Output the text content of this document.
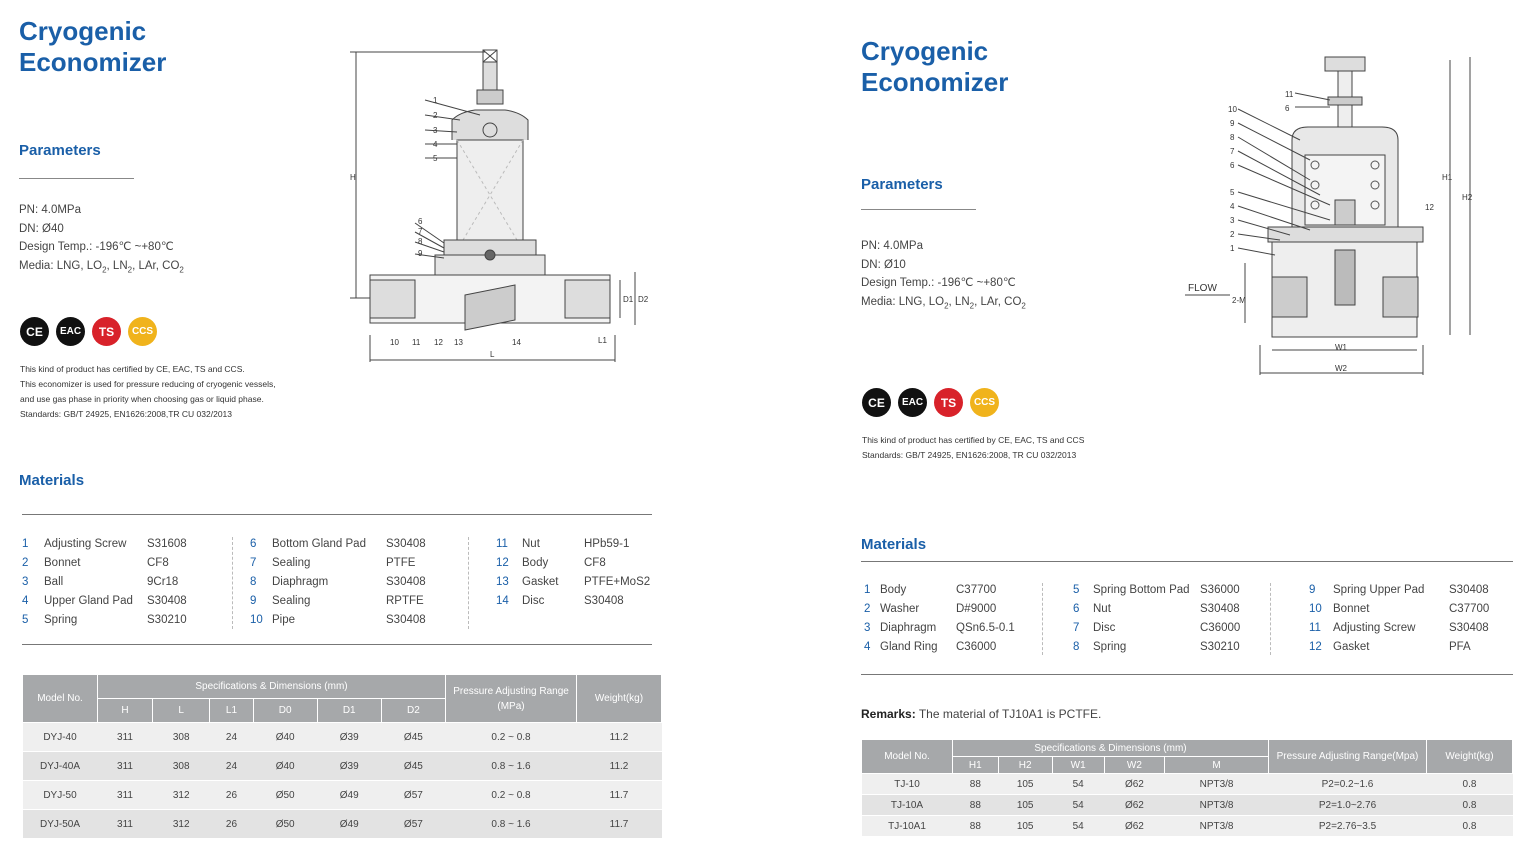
Cryogenic
Economizer
Parameters
PN: 4.0MPa
DN: Ø40
Design Temp.: -196℃ ~+80℃
Media: LNG, $LO_2$, $LN_2$, LAr, $CO_2$
CE EAC TS CCS
This kind of product has certified by CE, EAC, TS and CCS.
This economizer is used for pressure reducing of cryogenic vessels,
and use gas phase in priority when choosing gas or liquid phase.
Standards: GB/T 24925, EN1626:2008,TR CU 032/2013
Materials
1 Adjusting Screw S31608
2 Bonnet	CF8
3 Ball	9Cr18
4 Upper Gland Pad S30408
5 Spring	S30210
6 Bottom Gland Pad S30408
7 Sealing	PTFE
8 Diaphragm	S30408
9 Sealing	RPTFE
10 Pipe	S30408
11 Nut	HPb59-1
12 Body	CF8
13 Gasket PTFE+MoS2
14 Disc	S30408
Model No.	Specifications & Dimensions (mm)						Pressure Adjusting Range (MPa)	Weight(kg)
	H	L	L1	D0	D1	D2		
DYJ-40	311	308	24	Ø40	Ø39	Ø45	0.2 ~ 0.8	11.2
DYJ-40A	311	308	24	Ø40	Ø39	Ø45	0.8 ~ 1.6	11.2
DYJ-50	311	312	26	Ø50	Ø49	Ø57	0.2 ~ 0.8	11.7
DYJ-50A	311	312	26	Ø50	Ø49	Ø57	0.8 ~ 1.6	11.7
H
1
2
3
4
5
6
7
8
9
10 11 12 13	14	L1
L
D1 D2
Cryogenic
Economizer
Parameters
PN: 4.0MPa
DN: Ø10
Design Temp.: -196℃ ~+80℃
Media: LNG, $LO_2$, $LN_2$, LAr, $CO_2$
CE EAC TS CCS
This kind of product has certified by CE, EAC, TS and CCS
Standards: GB/T 24925, EN1626:2008, TR CU 032/2013
Materials
1 Body	C37700
2 Washer	D#9000
3 Diaphragm QSn6.5-0.1
4 Gland Ring C36000
5 Spring Bottom Pad S36000
6 Nut	S30408
7 Disc	C36000
8 Spring	S30210
9 Spring Upper Pad S30408
10 Bonnet	C37700
11 Adjusting Screw	S30408
12 Gasket	PFA
Remarks: The material of TJ10A1 is PCTFE.
Model No.	Specifications & Dimensions (mm)					Pressure Adjusting Range(Mpa)	Weight(kg)
	H1	H2	W1	W2	M		
TJ-10	88	105	54	Ø62	NPT3/8	P2=0.2~1.6	0.8
TJ-10A	88	105	54	Ø62	NPT3/8	P2=1.0~2.76	0.8
TJ-10A1	88	105	54	Ø62	NPT3/8	P2=2.76~3.5	0.8
11
6
10
9
8
7
6
5
4
3
2
1
FLOW
12
W1
W2
H1
H2
2-M
